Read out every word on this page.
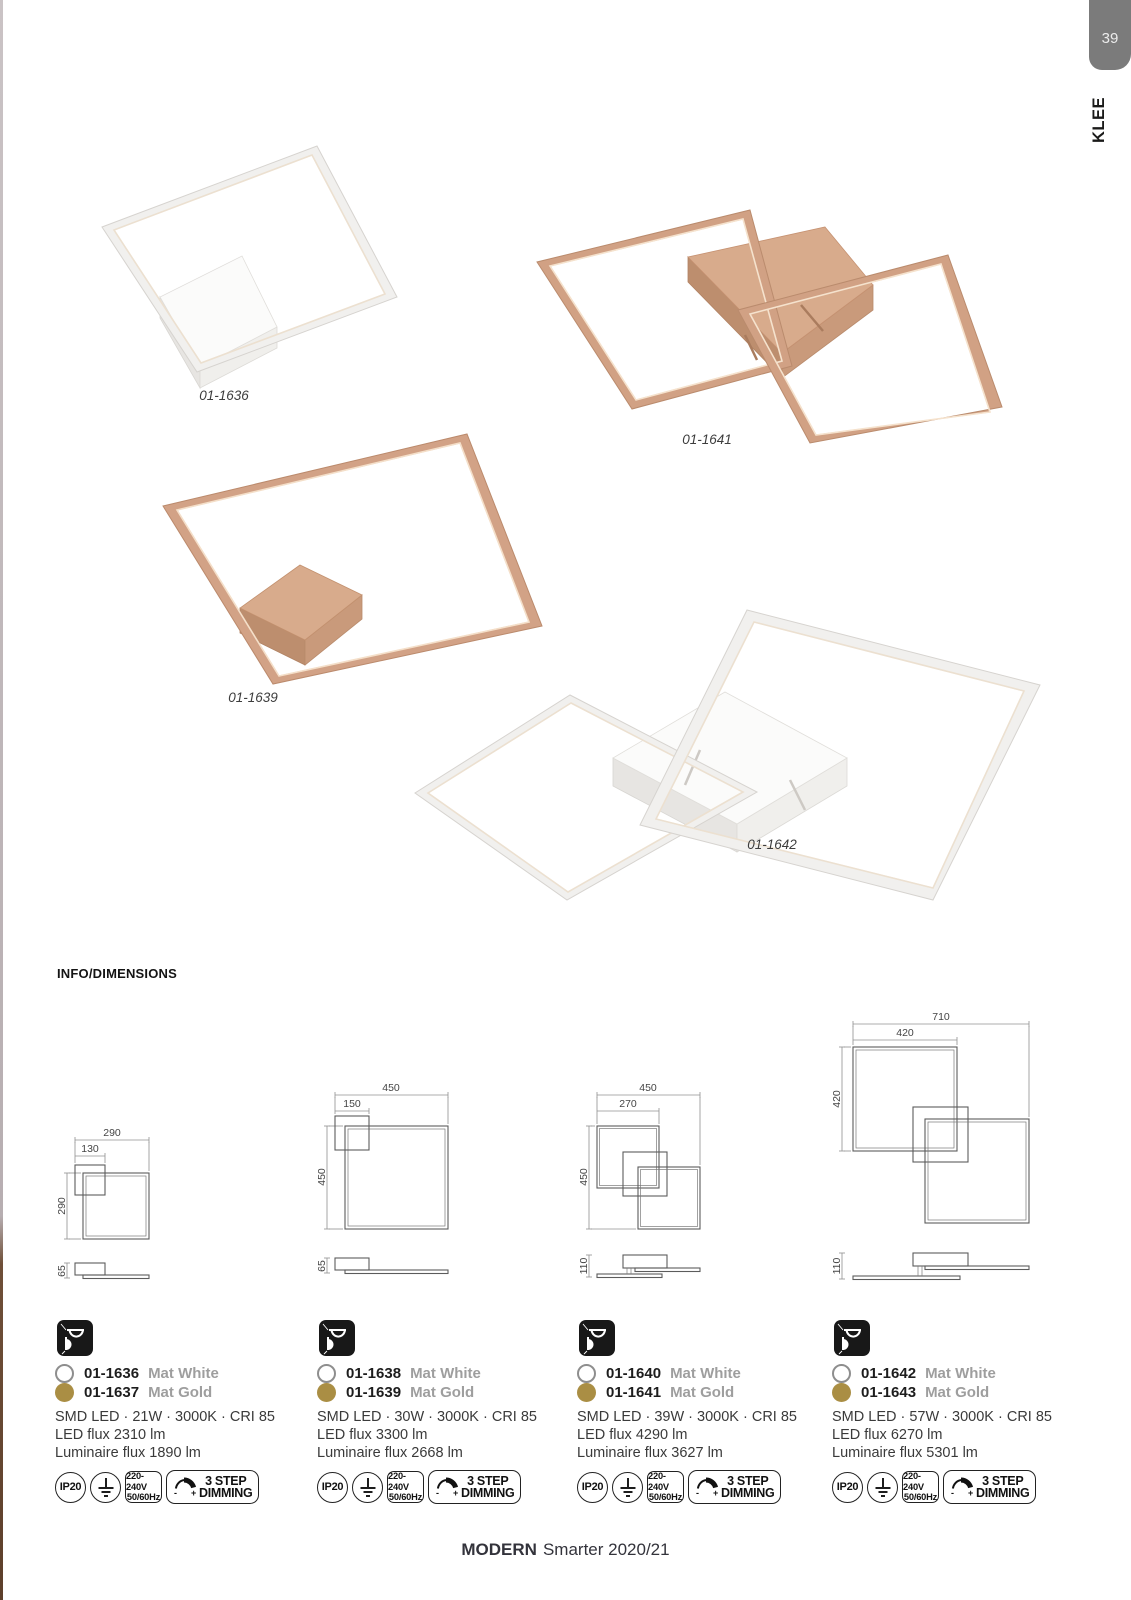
39
KLEE
01-1636
01-1641
01-1639
01-1642
INFO/DIMENSIONS
290
130
290
65
450
150
450
65
450
270
450
110
710
420
420
110
01-1636 Mat White
01-1637 Mat Gold
SMD LED · 21W · 3000K · CRI 85
LED flux 2310 lm
Luminaire flux 1890 lm
IP20
220-240V
50/60Hz - +
3 STEP
DIMMING
01-1638 Mat White
01-1639 Mat Gold
SMD LED · 30W · 3000K · CRI 85
LED flux 3300 lm
Luminaire flux 2668 lm
IP20
220-240V
50/60Hz - +
3 STEP
DIMMING
01-1640 Mat White
01-1641 Mat Gold
SMD LED · 39W · 3000K · CRI 85
LED flux 4290 lm
Luminaire flux 3627 lm
IP20
220-240V
50/60Hz - +
3 STEP
DIMMING
01-1642 Mat White
01-1643 Mat Gold
SMD LED · 57W · 3000K · CRI 85
LED flux 6270 lm
Luminaire flux 5301 lm
IP20
220-240V
50/60Hz - +
3 STEP
DIMMING
MODERN Smarter 2020/21
